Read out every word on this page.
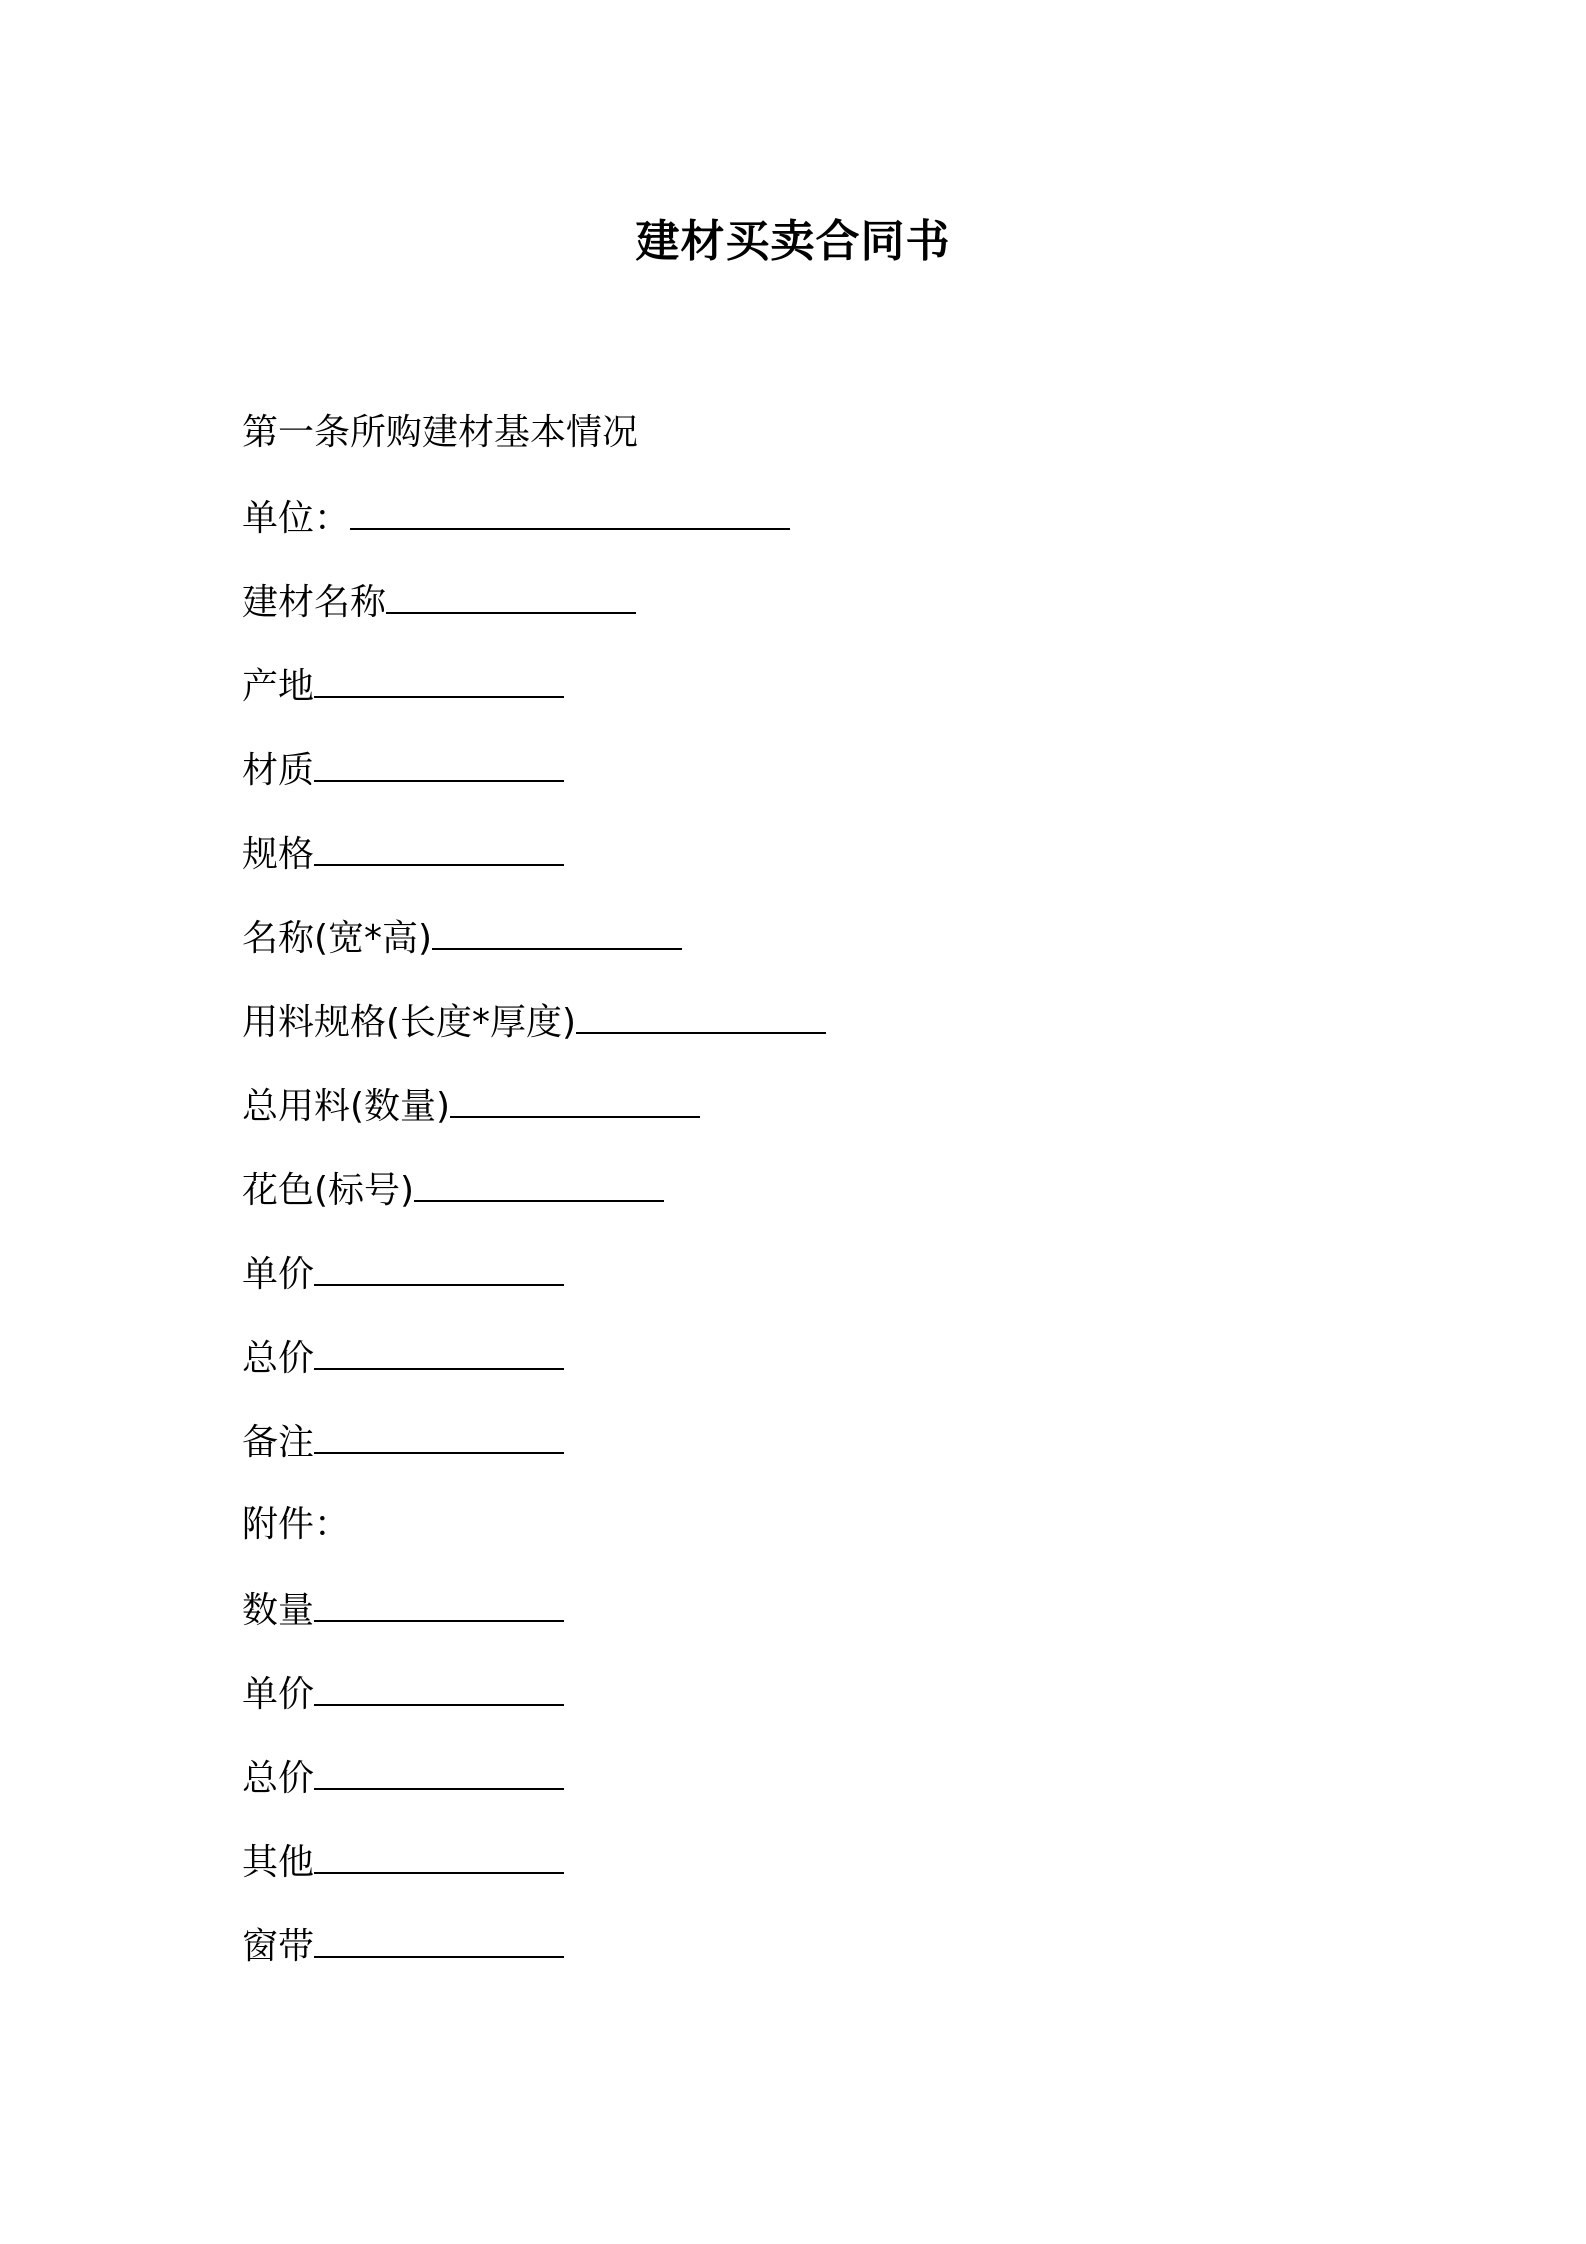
建材买卖合同书
第一条所购建材基本情况
单位：
建材名称
产地
材质
规格
名称(宽*高)
用料规格(长度*厚度)
总用料(数量)
花色(标号)
单价
总价
备注
附件：
数量
单价
总价
其他
窗带
